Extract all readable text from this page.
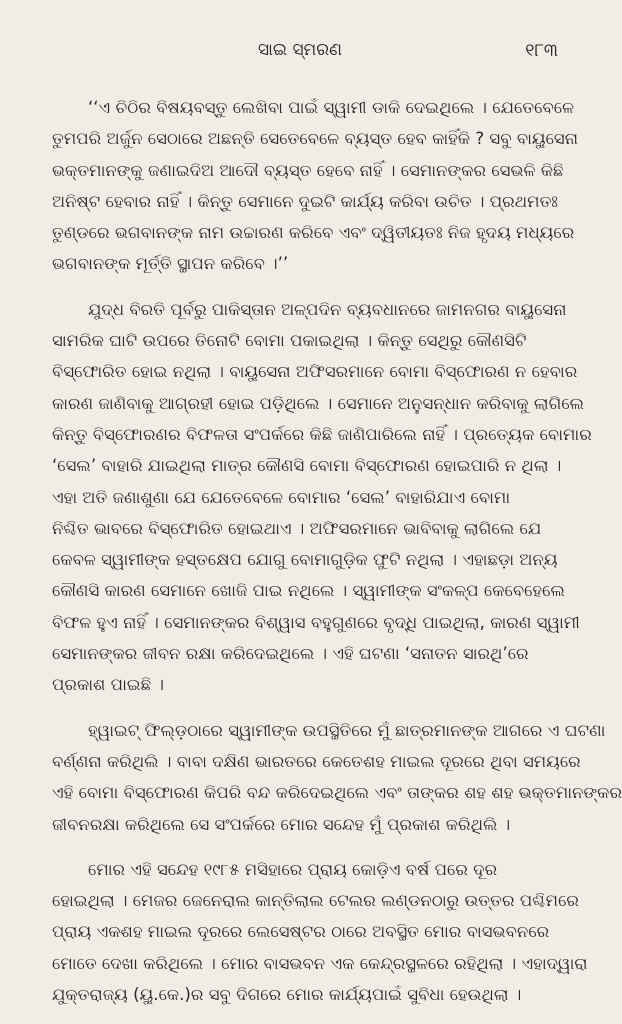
ସାଇ ସ୍ମରଣ	୧୮୩

‘‘ଏ ଚିଠିର ବିଷୟବସ୍ତୁ ଲେଖିବା ପାଇଁ ସ୍ୱାମୀ ଡାକି ଦେଇଥିଲେ । ଯେତେବେଳେ
ତୁମପରି ଅର୍ଜୁନ ସେଠାରେ ଅଛନ୍ତି ସେତେବେଳେ ବ୍ୟସ୍ତ ହେବ କାହିଁକି ? ସବୁ ବାୟୁସେନା
ଭକ୍ତମାନଙ୍କୁ ଜଣାଇଦିଅ ଆଦୌ ବ୍ୟସ୍ତ ହେବେ ନାହିଁ । ସେମାନଙ୍କର ସେଭଳି କିଛି
ଅନିଷ୍ଟ ହେବାର ନାହିଁ । କିନ୍ତୁ ସେମାନେ ଦୁଇଟି କାର୍ଯ୍ୟ କରିବା ଉଚିତ । ପ୍ରଥମତଃ
ତୁଣ୍ଡରେ ଭଗବାନଙ୍କ ନାମ ଉଚ୍ଚାରଣ କରିବେ ଏବଂ ଦ୍ୱିତୀୟତଃ ନିଜ ହୃଦୟ ମଧ୍ୟରେ
ଭଗବାନଙ୍କ ମୂର୍ତ୍ତି ସ୍ଥାପନ କରିବେ ।’’

ଯୁଦ୍ଧ ବିରତି ପୂର୍ବରୁ ପାକିସ୍ତାନ ଅଳ୍ପଦିନ ବ୍ୟବଧାନରେ ଜାମନଗର ବାୟୁସେନା
ସାମରିକ ଘାଟି ଉପରେ ତିନୋଟି ବୋମା ପକାଇଥିଲା । କିନ୍ତୁ ସେଥିରୁ କୌଣସିଟି
ବିସ୍ଫୋରିତ ହୋଇ ନଥିଲା । ବାୟୁସେନା ଅଫିସରମାନେ ବୋମା ବିସ୍ଫୋରଣ ନ ହେବାର
କାରଣ ଜାଣିବାକୁ ଆଗ୍ରହୀ ହୋଇ ପଡ଼ିଥିଲେ । ସେମାନେ ଅନୁସନ୍ଧାନ କରିବାକୁ ଲାଗିଲେ
କିନ୍ତୁ ବିସ୍ଫୋରଣର ବିଫଳତା ସଂପର୍କରେ କିଛି ଜାଣିପାରିଲେ ନାହିଁ । ପ୍ରତ୍ୟେକ ବୋମାର
‘ସେଲ’ ବାହାରି ଯାଇଥିଲା ମାତ୍ର କୌଣସି ବୋମା ବିସ୍ଫୋରଣ ହୋଇପାରି ନ ଥିଲା ।
ଏହା ଅତି ଜଣାଶୁଣା ଯେ ଯେତେବେଳେ ବୋମାର ‘ସେଲ’ ବାହାରିଯାଏ ବୋମା
ନିଶ୍ଚିତ ଭାବରେ ବିସ୍ଫୋରିତ ହୋଇଥାଏ । ଅଫିସରମାନେ ଭାବିବାକୁ ଲାଗିଲେ ଯେ
କେବଳ ସ୍ୱାମୀଙ୍କ ହସ୍ତକ୍ଷେପ ଯୋଗୁ ବୋମାଗୁଡ଼ିକ ଫୁଟି ନଥିଲା । ଏହାଛଡ଼ା ଅନ୍ୟ
କୌଣସି କାରଣ ସେମାନେ ଖୋଜି ପାଇ ନଥିଲେ । ସ୍ୱାମୀଙ୍କ ସଂକଳ୍ପ କେବେହେଲେ
ବିଫଳ ହୁଏ ନାହିଁ । ସେମାନଙ୍କର ବିଶ୍ୱାସ ବହୁଗୁଣରେ ବୃଦ୍ଧି ପାଇଥିଲା, କାରଣ ସ୍ୱାମୀ
ସେମାନଙ୍କର ଜୀବନ ରକ୍ଷା କରିଦେଇଥିଲେ । ଏହି ଘଟଣା ‘ସନାତନ ସାରଥି’ରେ
ପ୍ରକାଶ ପାଇଛି ।

ହ୍ୱାଇଟ୍ ଫିଲ୍ଡ଼ଠାରେ ସ୍ୱାମୀଙ୍କ ଉପସ୍ଥିତିରେ ମୁଁ ଛାତ୍ରମାନଙ୍କ ଆଗରେ ଏ ଘଟଣା
ବର୍ଣ୍ଣନା କରିଥିଲି । ବାବା ଦକ୍ଷିଣ ଭାରତରେ କେତେଶହ ମାଇଲ ଦୂରରେ ଥିବା ସମୟରେ
ଏହି ବୋମା ବିସ୍ଫୋରଣ କିପରି ବନ୍ଦ କରିଦେଇଥିଲେ ଏବଂ ତାଙ୍କର ଶହ ଶହ ଭକ୍ତମାନଙ୍କର
ଜୀବନରକ୍ଷା କରିଥିଲେ ସେ ସଂପର୍କରେ ମୋର ସନ୍ଦେହ ମୁଁ ପ୍ରକାଶ କରିଥିଲି ।

ମୋର ଏହି ସନ୍ଦେହ ୧୯୮୫ ମସିହାରେ ପ୍ରାୟ କୋଡ଼ିଏ ବର୍ଷ ପରେ ଦୂର
ହୋଇଥିଲା । ମେଜର ଜେନେରାଲ କାନ୍ତିଲାଲ ଟେଲର ଲଣ୍ଡନଠାରୁ ଉତ୍ତର ପଶ୍ଚିମରେ
ପ୍ରାୟ ଏକଶହ ମାଇଲ ଦୂରରେ ଲେସେଷ୍ଟର ଠାରେ ଅବସ୍ଥିତ ମୋର ବାସଭବନରେ
ମୋତେ ଦେଖା କରିଥିଲେ । ମୋର ବାସଭବନ ଏକ କେନ୍ଦ୍ରସ୍ଥଳରେ ରହିଥିଲା । ଏହାଦ୍ୱାରା
ଯୁକ୍ତରାଜ୍ୟ (ୟୁ.କେ.)ର ସବୁ ଦିଗରେ ମୋର କାର୍ଯ୍ୟପାଇଁ ସୁବିଧା ହେଉଥିଲା ।
